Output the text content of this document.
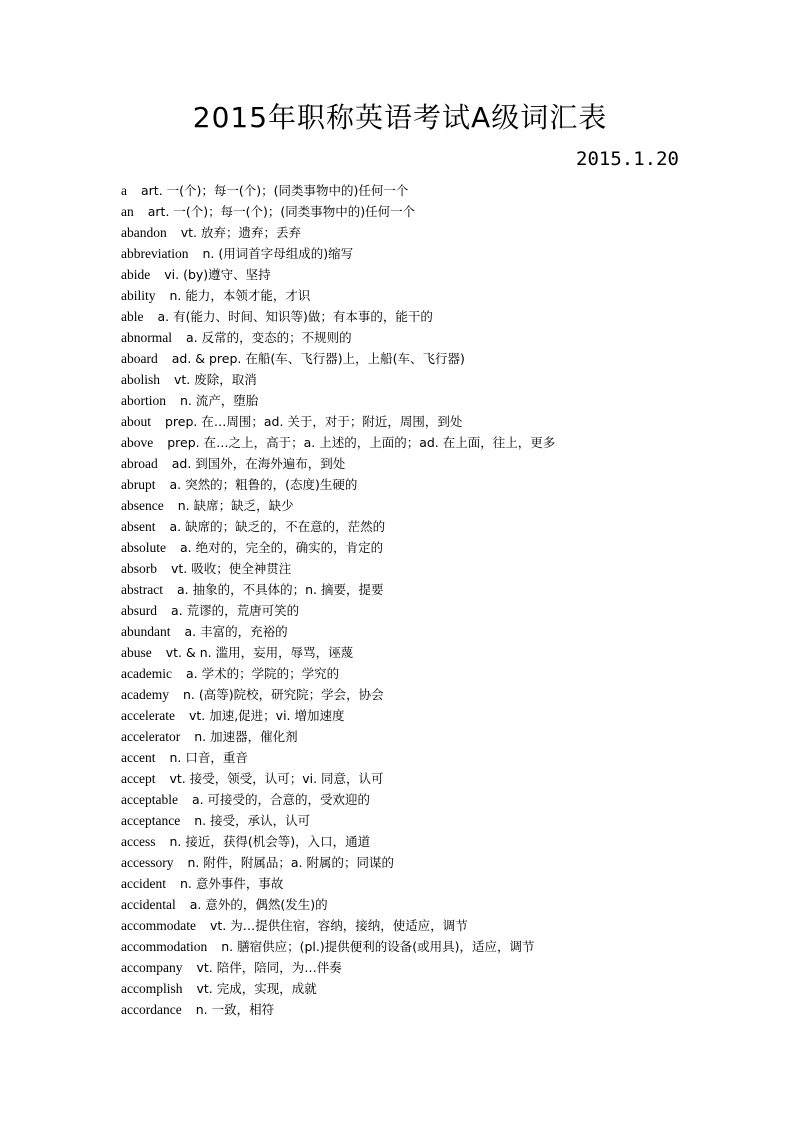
2015年职称英语考试A级词汇表
2015.1.20
a art. 一(个)；每一(个)；(同类事物中的)任何一个
an art. 一(个)；每一(个)；(同类事物中的)任何一个
abandon vt. 放弃；遗弃；丢弃
abbreviation n. (用词首字母组成的)缩写
abide vi. (by)遵守、坚持
ability n. 能力，本领才能，才识
able a. 有(能力、时间、知识等)做；有本事的，能干的
abnormal a. 反常的，变态的；不规则的
aboard ad. & prep. 在船(车、飞行器)上，上船(车、飞行器)
abolish vt. 废除，取消
abortion n. 流产，堕胎
about prep. 在…周围；ad. 关于，对于；附近，周围，到处
above prep. 在…之上，高于；a. 上述的，上面的；ad. 在上面，往上，更多
abroad ad. 到国外，在海外遍布，到处
abrupt a. 突然的；粗鲁的，(态度)生硬的
absence n. 缺席；缺乏，缺少
absent a. 缺席的；缺乏的，不在意的，茫然的
absolute a. 绝对的，完全的，确实的，肯定的
absorb vt. 吸收；使全神贯注
abstract a. 抽象的，不具体的；n. 摘要，提要
absurd a. 荒谬的，荒唐可笑的
abundant a. 丰富的，充裕的
abuse vt. & n. 滥用，妄用，辱骂，诬蔑
academic a. 学术的；学院的；学究的
academy n. (高等)院校，研究院；学会，协会
accelerate vt. 加速,促进；vi. 增加速度
accelerator n. 加速器，催化剂
accent n. 口音，重音
accept vt. 接受，领受，认可；vi. 同意，认可
acceptable a. 可接受的，合意的，受欢迎的
acceptance n. 接受，承认，认可
access n. 接近，获得(机会等)，入口，通道
accessory n. 附件，附属品；a. 附属的；同谋的
accident n. 意外事件，事故
accidental a. 意外的，偶然(发生)的
accommodate vt. 为…提供住宿，容纳，接纳，使适应，调节
accommodation n. 膳宿供应；(pl.)提供便利的设备(或用具)，适应，调节
accompany vt. 陪伴，陪同，为…伴奏
accomplish vt. 完成，实现，成就
accordance n. 一致，相符
